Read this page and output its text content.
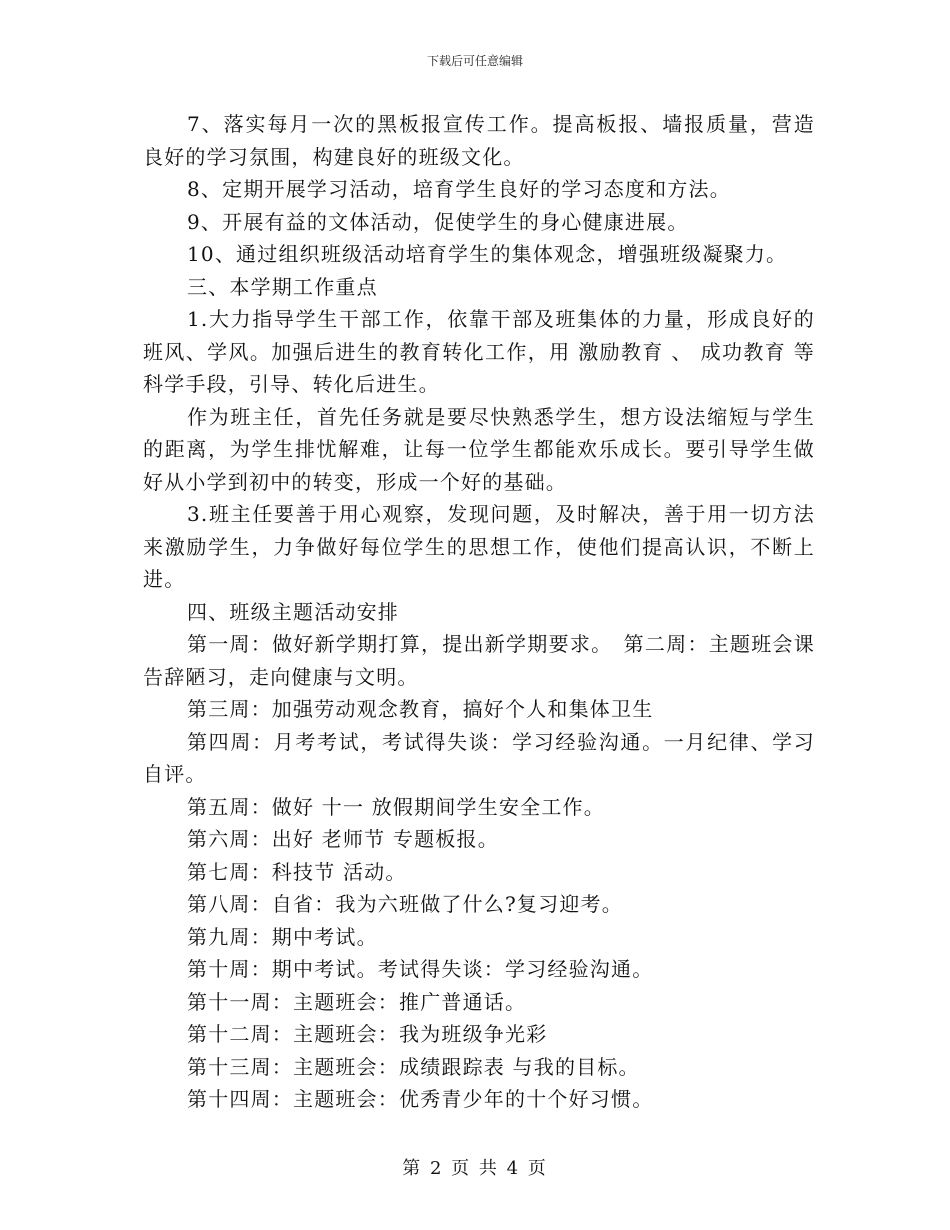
下载后可任意编辑

7、落实每月一次的黑板报宣传工作。提高板报、墙报质量，营造良好的学习氛围，构建良好的班级文化。

8、定期开展学习活动，培育学生良好的学习态度和方法。

9、开展有益的文体活动，促使学生的身心健康进展。

10、通过组织班级活动培育学生的集体观念，增强班级凝聚力。

三、本学期工作重点

1.大力指导学生干部工作，依靠干部及班集体的力量，形成良好的班风、学风。加强后进生的教育转化工作，用 激励教育 、 成功教育 等科学手段，引导、转化后进生。

作为班主任，首先任务就是要尽快熟悉学生，想方设法缩短与学生的距离，为学生排忧解难，让每一位学生都能欢乐成长。要引导学生做好从小学到初中的转变，形成一个好的基础。

3.班主任要善于用心观察，发现问题，及时解决，善于用一切方法来激励学生，力争做好每位学生的思想工作，使他们提高认识，不断上进。

四、班级主题活动安排

第一周：做好新学期打算，提出新学期要求。　第二周：主题班会课 告辞陋习，走向健康与文明。

第三周：加强劳动观念教育，搞好个人和集体卫生

第四周：月考考试，考试得失谈：学习经验沟通。一月纪律、学习自评。

第五周：做好 十一 放假期间学生安全工作。

第六周：出好 老师节 专题板报。

第七周：科技节 活动。

第八周：自省：我为六班做了什么?复习迎考。

第九周：期中考试。

第十周：期中考试。考试得失谈：学习经验沟通。

第十一周：主题班会：推广普通话。

第十二周：主题班会：我为班级争光彩

第十三周：主题班会：成绩跟踪表 与我的目标。

第十四周：主题班会：优秀青少年的十个好习惯。

第 2 页 共 4 页
